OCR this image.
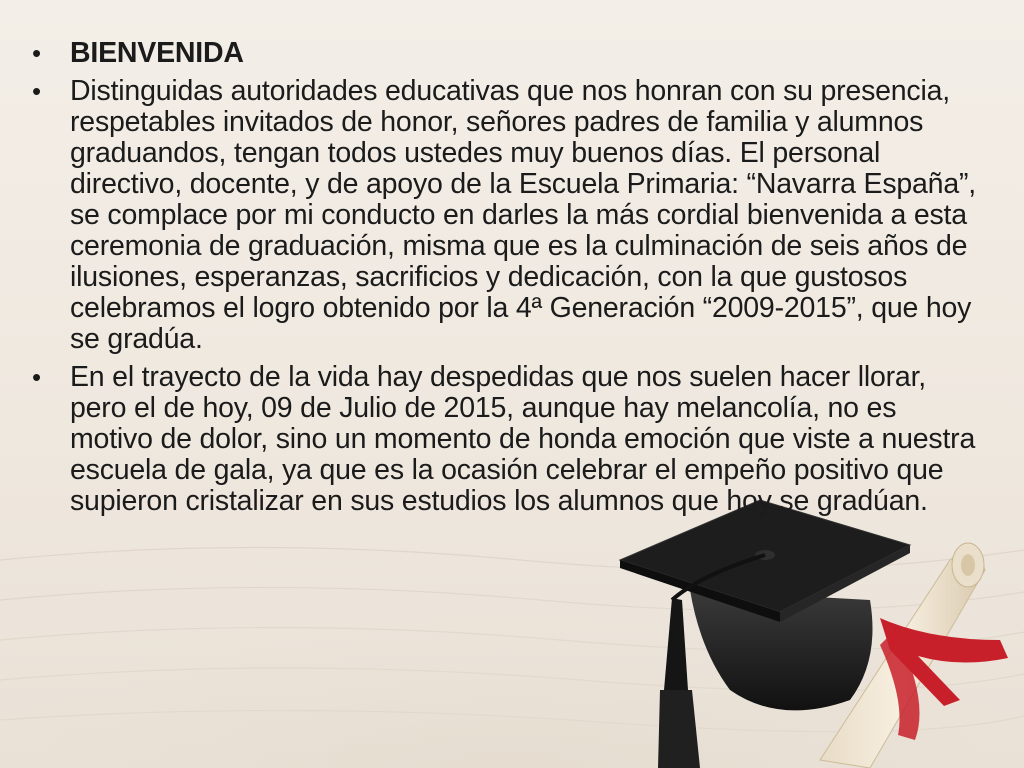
• BIENVENIDA
• Distinguidas autoridades educativas que nos honran con su presencia, respetables invitados de honor, señores padres de familia y alumnos graduandos, tengan todos ustedes muy buenos días. El personal directivo, docente, y de apoyo de la Escuela Primaria: “Navarra España”, se complace por mi conducto en darles la más cordial bienvenida a esta ceremonia de graduación, misma que es la culminación de seis años de ilusiones, esperanzas, sacrificios y dedicación, con la que gustosos celebramos el logro obtenido por la 4ª Generación “2009-2015”, que hoy se gradúa.
• En el trayecto de la vida hay despedidas que nos suelen hacer llorar, pero el de hoy, 09 de Julio de 2015, aunque hay melancolía, no es motivo de dolor, sino un momento de honda emoción que viste a nuestra escuela de gala, ya que es la ocasión celebrar el empeño positivo que supieron cristalizar en sus estudios los alumnos que hoy se gradúan.
